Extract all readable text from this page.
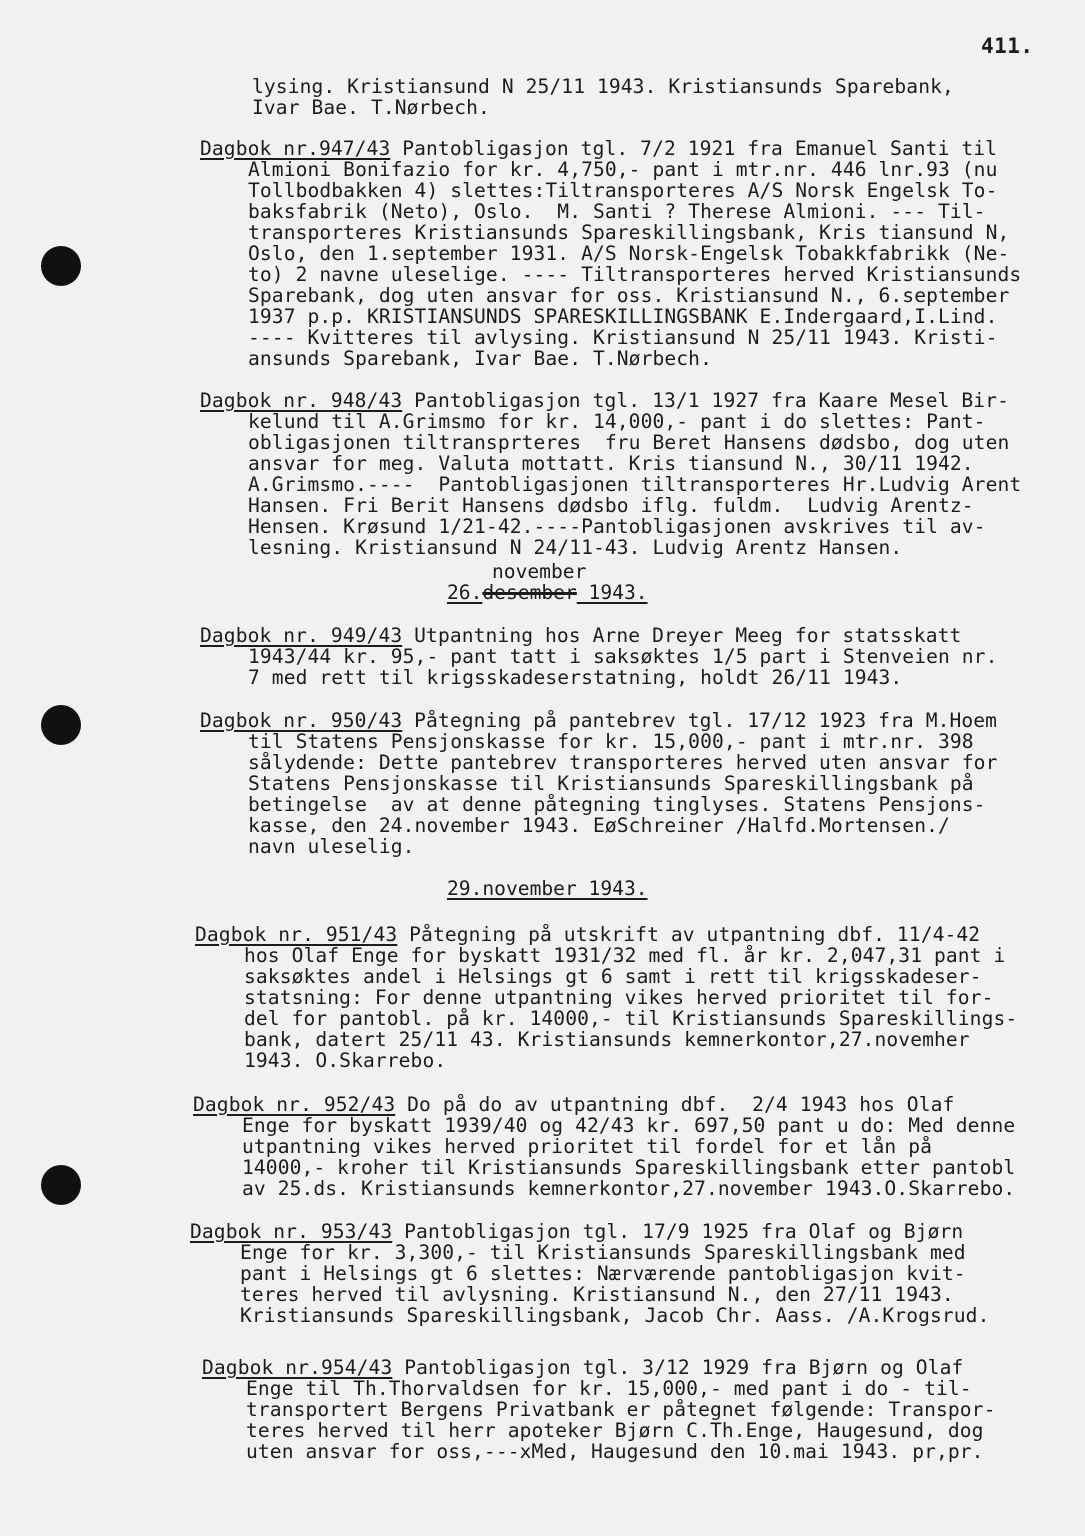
411.
lysing. Kristiansund N 25/11 1943. Kristiansunds Sparebank,
Ivar Bae. T.Nørbech.
Dagbok nr.947/43 Pantobligasjon tgl. 7/2 1921 fra Emanuel Santi til
Almioni Bonifazio for kr. 4,750,- pant i mtr.nr. 446 lnr.93 (nu
Tollbodbakken 4) slettes:Tiltransporteres A/S Norsk Engelsk To-
baksfabrik (Neto), Oslo.  M. Santi ? Therese Almioni. --- Til-
transporteres Kristiansunds Spareskillingsbank, Kris tiansund N,
Oslo, den 1.september 1931. A/S Norsk-Engelsk Tobakkfabrikk (Ne-
to) 2 navne uleselige. ---- Tiltransporteres herved Kristiansunds
Sparebank, dog uten ansvar for oss. Kristiansund N., 6.september
1937 p.p. KRISTIANSUNDS SPARESKILLINGSBANK E.Indergaard,I.Lind.
---- Kvitteres til avlysing. Kristiansund N 25/11 1943. Kristi-
ansunds Sparebank, Ivar Bae. T.Nørbech.
Dagbok nr. 948/43 Pantobligasjon tgl. 13/1 1927 fra Kaare Mesel Bir-
kelund til A.Grimsmo for kr. 14,000,- pant i do slettes: Pant-
obligasjonen tiltransprteres  fru Beret Hansens dødsbo, dog uten
ansvar for meg. Valuta mottatt. Kris tiansund N., 30/11 1942.
A.Grimsmo.----  Pantobligasjonen tiltransporteres Hr.Ludvig Arent
Hansen. Fri Berit Hansens dødsbo iflg. fuldm.  Ludvig Arentz-
Hensen. Krøsund 1/21-42.----Pantobligasjonen avskrives til av-
lesning. Kristiansund N 24/11-43. Ludvig Arentz Hansen.
november
26.desember 1943.
Dagbok nr. 949/43 Utpantning hos Arne Dreyer Meeg for statsskatt
1943/44 kr. 95,- pant tatt i saksøktes 1/5 part i Stenveien nr.
7 med rett til krigsskadeserstatning, holdt 26/11 1943.
Dagbok nr. 950/43 Påtegning på pantebrev tgl. 17/12 1923 fra M.Hoem
til Statens Pensjonskasse for kr. 15,000,- pant i mtr.nr. 398
sålydende: Dette pantebrev transporteres herved uten ansvar for
Statens Pensjonskasse til Kristiansunds Spareskillingsbank på
betingelse  av at denne påtegning tinglyses. Statens Pensjons-
kasse, den 24.november 1943. EøSchreiner /Halfd.Mortensen./
navn uleselig.
29.november 1943.
Dagbok nr. 951/43 Påtegning på utskrift av utpantning dbf. 11/4-42
hos Olaf Enge for byskatt 1931/32 med fl. år kr. 2,047,31 pant i
saksøktes andel i Helsings gt 6 samt i rett til krigsskadeser-
statsning: For denne utpantning vikes herved prioritet til for-
del for pantobl. på kr. 14000,- til Kristiansunds Spareskillings-
bank, datert 25/11 43. Kristiansunds kemnerkontor,27.novemher
1943. O.Skarrebo.
Dagbok nr. 952/43 Do på do av utpantning dbf.  2/4 1943 hos Olaf
Enge for byskatt 1939/40 og 42/43 kr. 697,50 pant u do: Med denne
utpantning vikes herved prioritet til fordel for et lån på
14000,- kroher til Kristiansunds Spareskillingsbank etter pantobl
av 25.ds. Kristiansunds kemnerkontor,27.november 1943.O.Skarrebo.
Dagbok nr. 953/43 Pantobligasjon tgl. 17/9 1925 fra Olaf og Bjørn
Enge for kr. 3,300,- til Kristiansunds Spareskillingsbank med
pant i Helsings gt 6 slettes: Nærværende pantobligasjon kvit-
teres herved til avlysning. Kristiansund N., den 27/11 1943.
Kristiansunds Spareskillingsbank, Jacob Chr. Aass. /A.Krogsrud.
Dagbok nr.954/43 Pantobligasjon tgl. 3/12 1929 fra Bjørn og Olaf
Enge til Th.Thorvaldsen for kr. 15,000,- med pant i do - til-
transportert Bergens Privatbank er påtegnet følgende: Transpor-
teres herved til herr apoteker Bjørn C.Th.Enge, Haugesund, dog
uten ansvar for oss,---xMed, Haugesund den 10.mai 1943. pr,pr.
